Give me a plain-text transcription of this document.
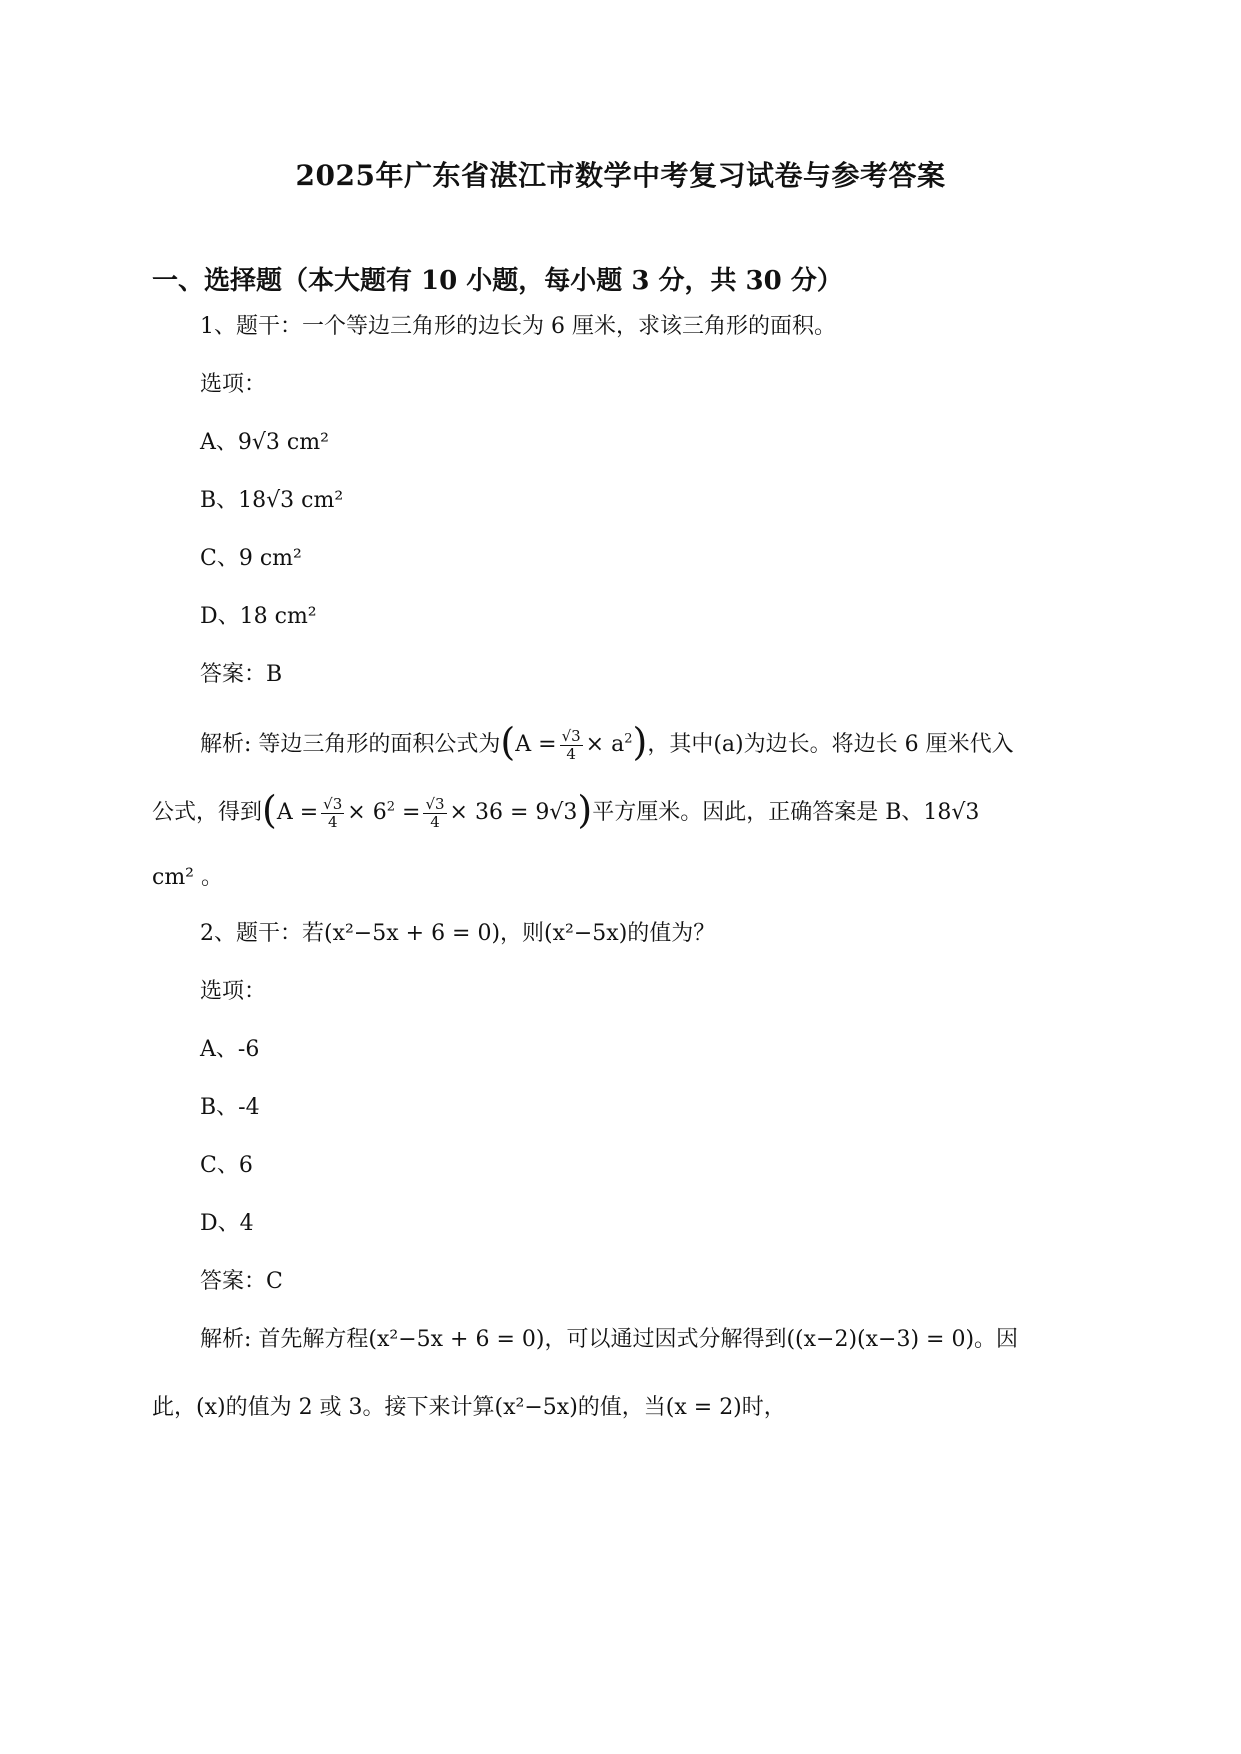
2025年广东省湛江市数学中考复习试卷与参考答案
一、选择题（本大题有 10 小题，每小题 3 分，共 30 分）
1、题干：一个等边三角形的边长为 6 厘米，求该三角形的面积。
选项：
A、9√3 cm²
B、18√3 cm²
C、9 cm²
D、18 cm²
答案：B
解析: 等边三角形的面积公式为$(A = \frac{√3}{4} \times a^2)$，其中(a)为边长。将边长 6 厘米代入
公式，得到$(A = \frac{√3}{4} \times 6^2 = \frac{√3}{4} \times 36 = 9√3)$平方厘米。因此，正确答案是 B、18√3
cm² 。
2、题干：若(x²−5x + 6 = 0)，则(x²−5x)的值为？
选项：
A、-6
B、-4
C、6
D、4
答案：C
解析: 首先解方程(x²−5x + 6 = 0)，可以通过因式分解得到((x−2)(x−3) = 0)。因
此，(x)的值为 2 或 3。接下来计算(x²−5x)的值，当(x = 2)时，
